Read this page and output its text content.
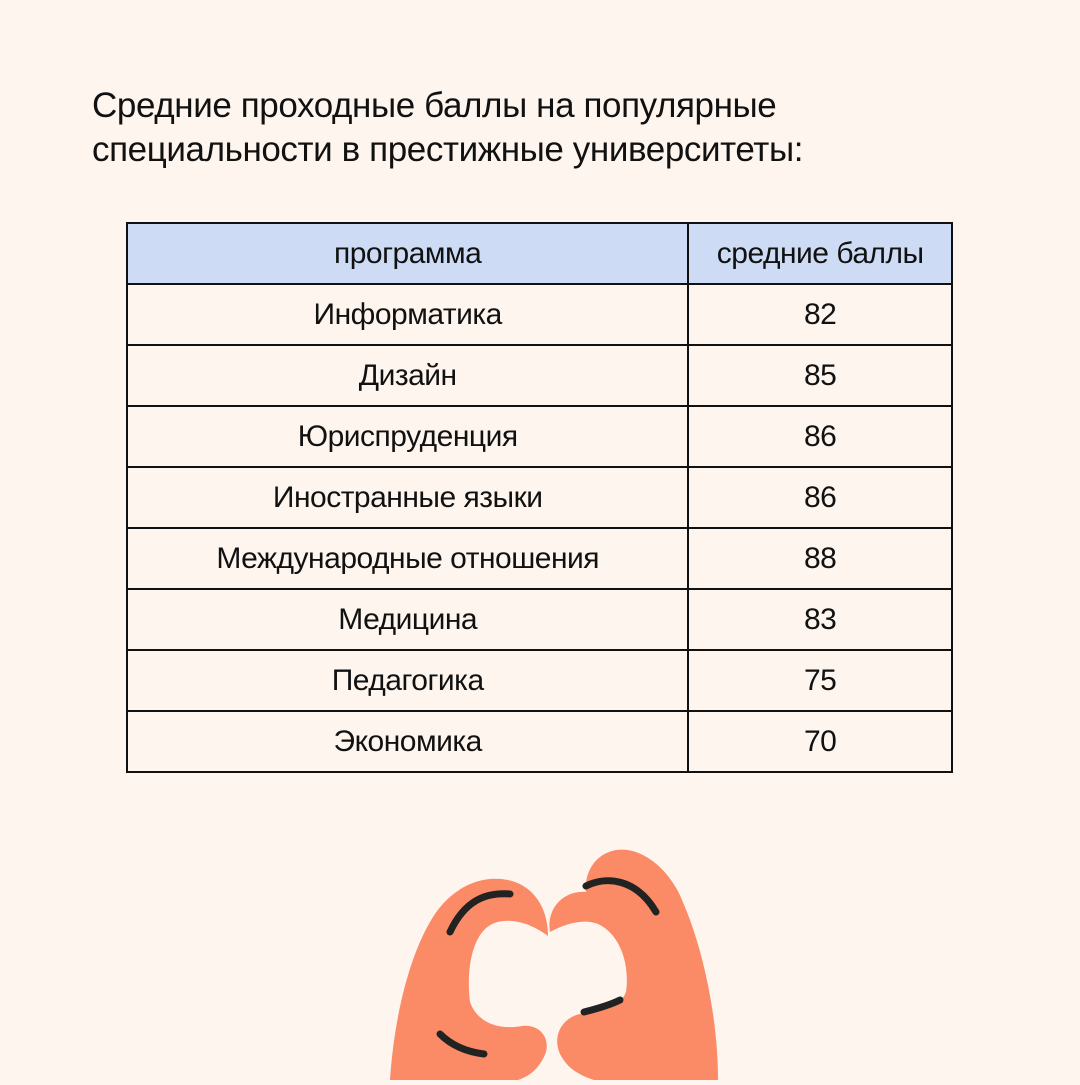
Средние проходные баллы на популярные
специальности в престижные университеты:
программа	средние баллы
Информатика	82
Дизайн	85
Юриспруденция	86
Иностранные языки	86
Международные отношения	88
Медицина	83
Педагогика	75
Экономика	70
